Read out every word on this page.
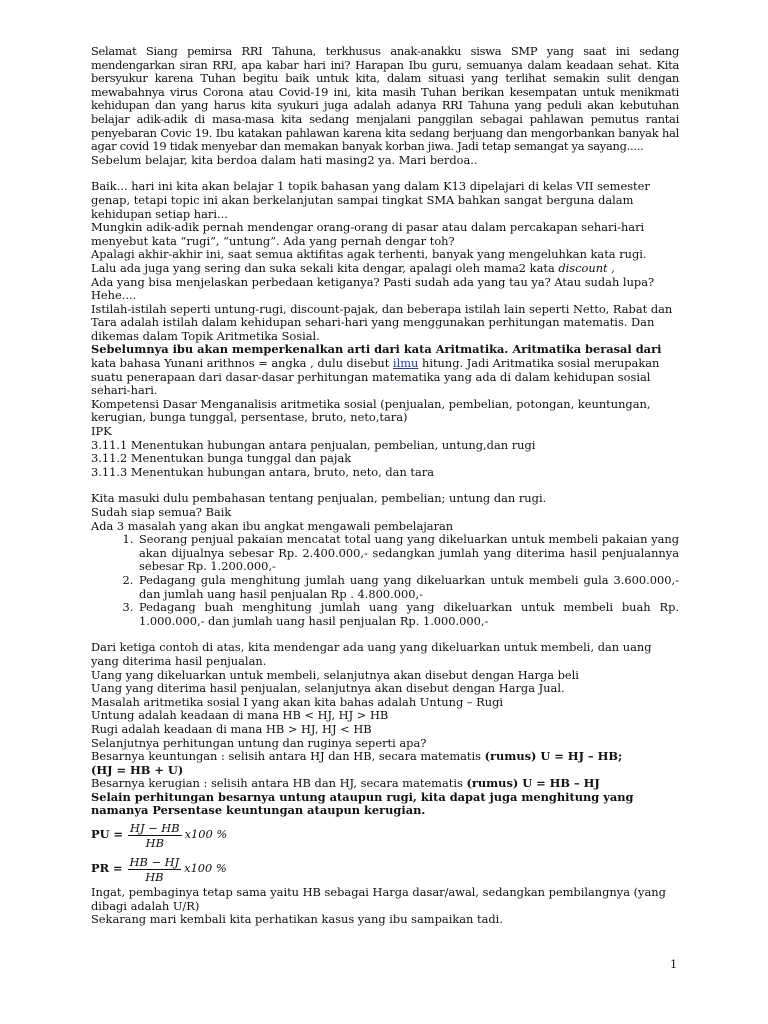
Selamat Siang pemirsa RRI Tahuna, terkhusus anak-anakku siswa SMP yang saat ini sedang mendengarkan siran RRI, apa kabar hari ini? Harapan Ibu guru, semuanya dalam keadaan sehat. Kita bersyukur karena Tuhan begitu baik untuk kita, dalam situasi yang terlihat semakin sulit dengan mewabahnya virus Corona atau Covid-19 ini, kita masih Tuhan berikan kesempatan untuk menikmati kehidupan dan yang harus kita syukuri juga adalah adanya RRI Tahuna yang peduli akan kebutuhan belajar adik-adik di masa-masa kita sedang menjalani panggilan sebagai pahlawan pemutus rantai penyebaran Covic 19. Ibu katakan pahlawan karena kita sedang berjuang dan mengorbankan banyak hal agar covid 19 tidak menyebar dan memakan banyak korban jiwa. Jadi tetap semangat ya sayang.....

Sebelum belajar, kita berdoa dalam hati masing2 ya. Mari berdoa..

Baik... hari ini kita akan belajar 1 topik bahasan yang dalam K13 dipelajari di kelas VII semester genap, tetapi topic ini akan berkelanjutan sampai tingkat SMA bahkan sangat berguna dalam kehidupan setiap hari...

Mungkin adik-adik pernah mendengar orang-orang di pasar atau dalam percakapan sehari-hari menyebut kata “rugi”, “untung”. Ada yang pernah dengar toh?

Apalagi akhir-akhir ini, saat semua aktifitas agak terhenti, banyak yang mengeluhkan kata rugi.

Lalu ada juga yang sering dan suka sekali kita dengar, apalagi oleh mama2 kata discount ,

Ada yang bisa menjelaskan perbedaan ketiganya? Pasti sudah ada yang tau ya? Atau sudah lupa? Hehe....

Istilah-istilah seperti untung-rugi, discount-pajak, dan beberapa istilah lain seperti Netto, Rabat dan Tara adalah istilah dalam kehidupan sehari-hari yang menggunakan perhitungan matematis. Dan dikemas dalam Topik Aritmetika Sosial.

Sebelumnya ibu akan memperkenalkan arti dari kata Aritmatika. Aritmatika berasal dari

kata bahasa Yunani arithnos = angka , dulu disebut ilmu hitung. Jadi Aritmatika sosial merupakan suatu penerapaan dari dasar-dasar perhitungan matematika yang ada di dalam kehidupan sosial sehari-hari.

Kompetensi Dasar Menganalisis aritmetika sosial (penjualan, pembelian, potongan, keuntungan, kerugian, bunga tunggal, persentase, bruto, neto,tara)

IPK

3.11.1 Menentukan hubungan antara penjualan, pembelian, untung,dan rugi

3.11.2 Menentukan bunga tunggal dan pajak

3.11.3 Menentukan hubungan antara, bruto, neto, dan tara

Kita masuki dulu pembahasan tentang penjualan, pembelian; untung dan rugi.

Sudah siap semua? Baik

Ada 3 masalah yang akan ibu angkat mengawali pembelajaran

1. Seorang penjual pakaian mencatat total uang yang dikeluarkan untuk membeli pakaian yang akan dijualnya sebesar Rp. 2.400.000,- sedangkan jumlah yang diterima hasil penjualannya sebesar Rp. 1.200.000,-
2. Pedagang gula menghitung jumlah uang yang dikeluarkan untuk membeli gula 3.600.000,- dan jumlah uang hasil penjualan Rp . 4.800.000,-
3. Pedagang buah menghitung jumlah uang yang dikeluarkan untuk membeli buah Rp. 1.000.000,- dan jumlah uang hasil penjualan Rp. 1.000.000,-

Dari ketiga contoh di atas, kita mendengar ada uang yang dikeluarkan untuk membeli, dan uang yang diterima hasil penjualan.

Uang yang dikeluarkan untuk membeli, selanjutnya akan disebut dengan Harga beli

Uang yang diterima hasil penjualan, selanjutnya akan disebut dengan Harga Jual.

Masalah aritmetika sosial I yang akan kita bahas adalah Untung – Rugi

Untung adalah keadaan di mana HB < HJ, HJ > HB

Rugi adalah keadaan di mana HB > HJ, HJ < HB

Selanjutnya perhitungan untung dan ruginya seperti apa?

Besarnya keuntungan : selisih antara HJ dan HB, secara matematis (rumus) U = HJ – HB;

(HJ = HB + U)

Besarnya kerugian : selisih antara HB dan HJ, secara matematis (rumus) U = HB – HJ

Selain perhitungan besarnya untung ataupun rugi, kita dapat juga menghitung yang namanya Persentase keuntungan ataupun kerugian.

PU = $\frac{HJ - HB}{HB} x100$ %
PR = $\frac{HB - HJ}{HB} x100$ %

Ingat, pembaginya tetap sama yaitu HB sebagai Harga dasar/awal, sedangkan pembilangnya (yang dibagi adalah U/R)

Sekarang mari kembali kita perhatikan kasus yang ibu sampaikan tadi.

1
